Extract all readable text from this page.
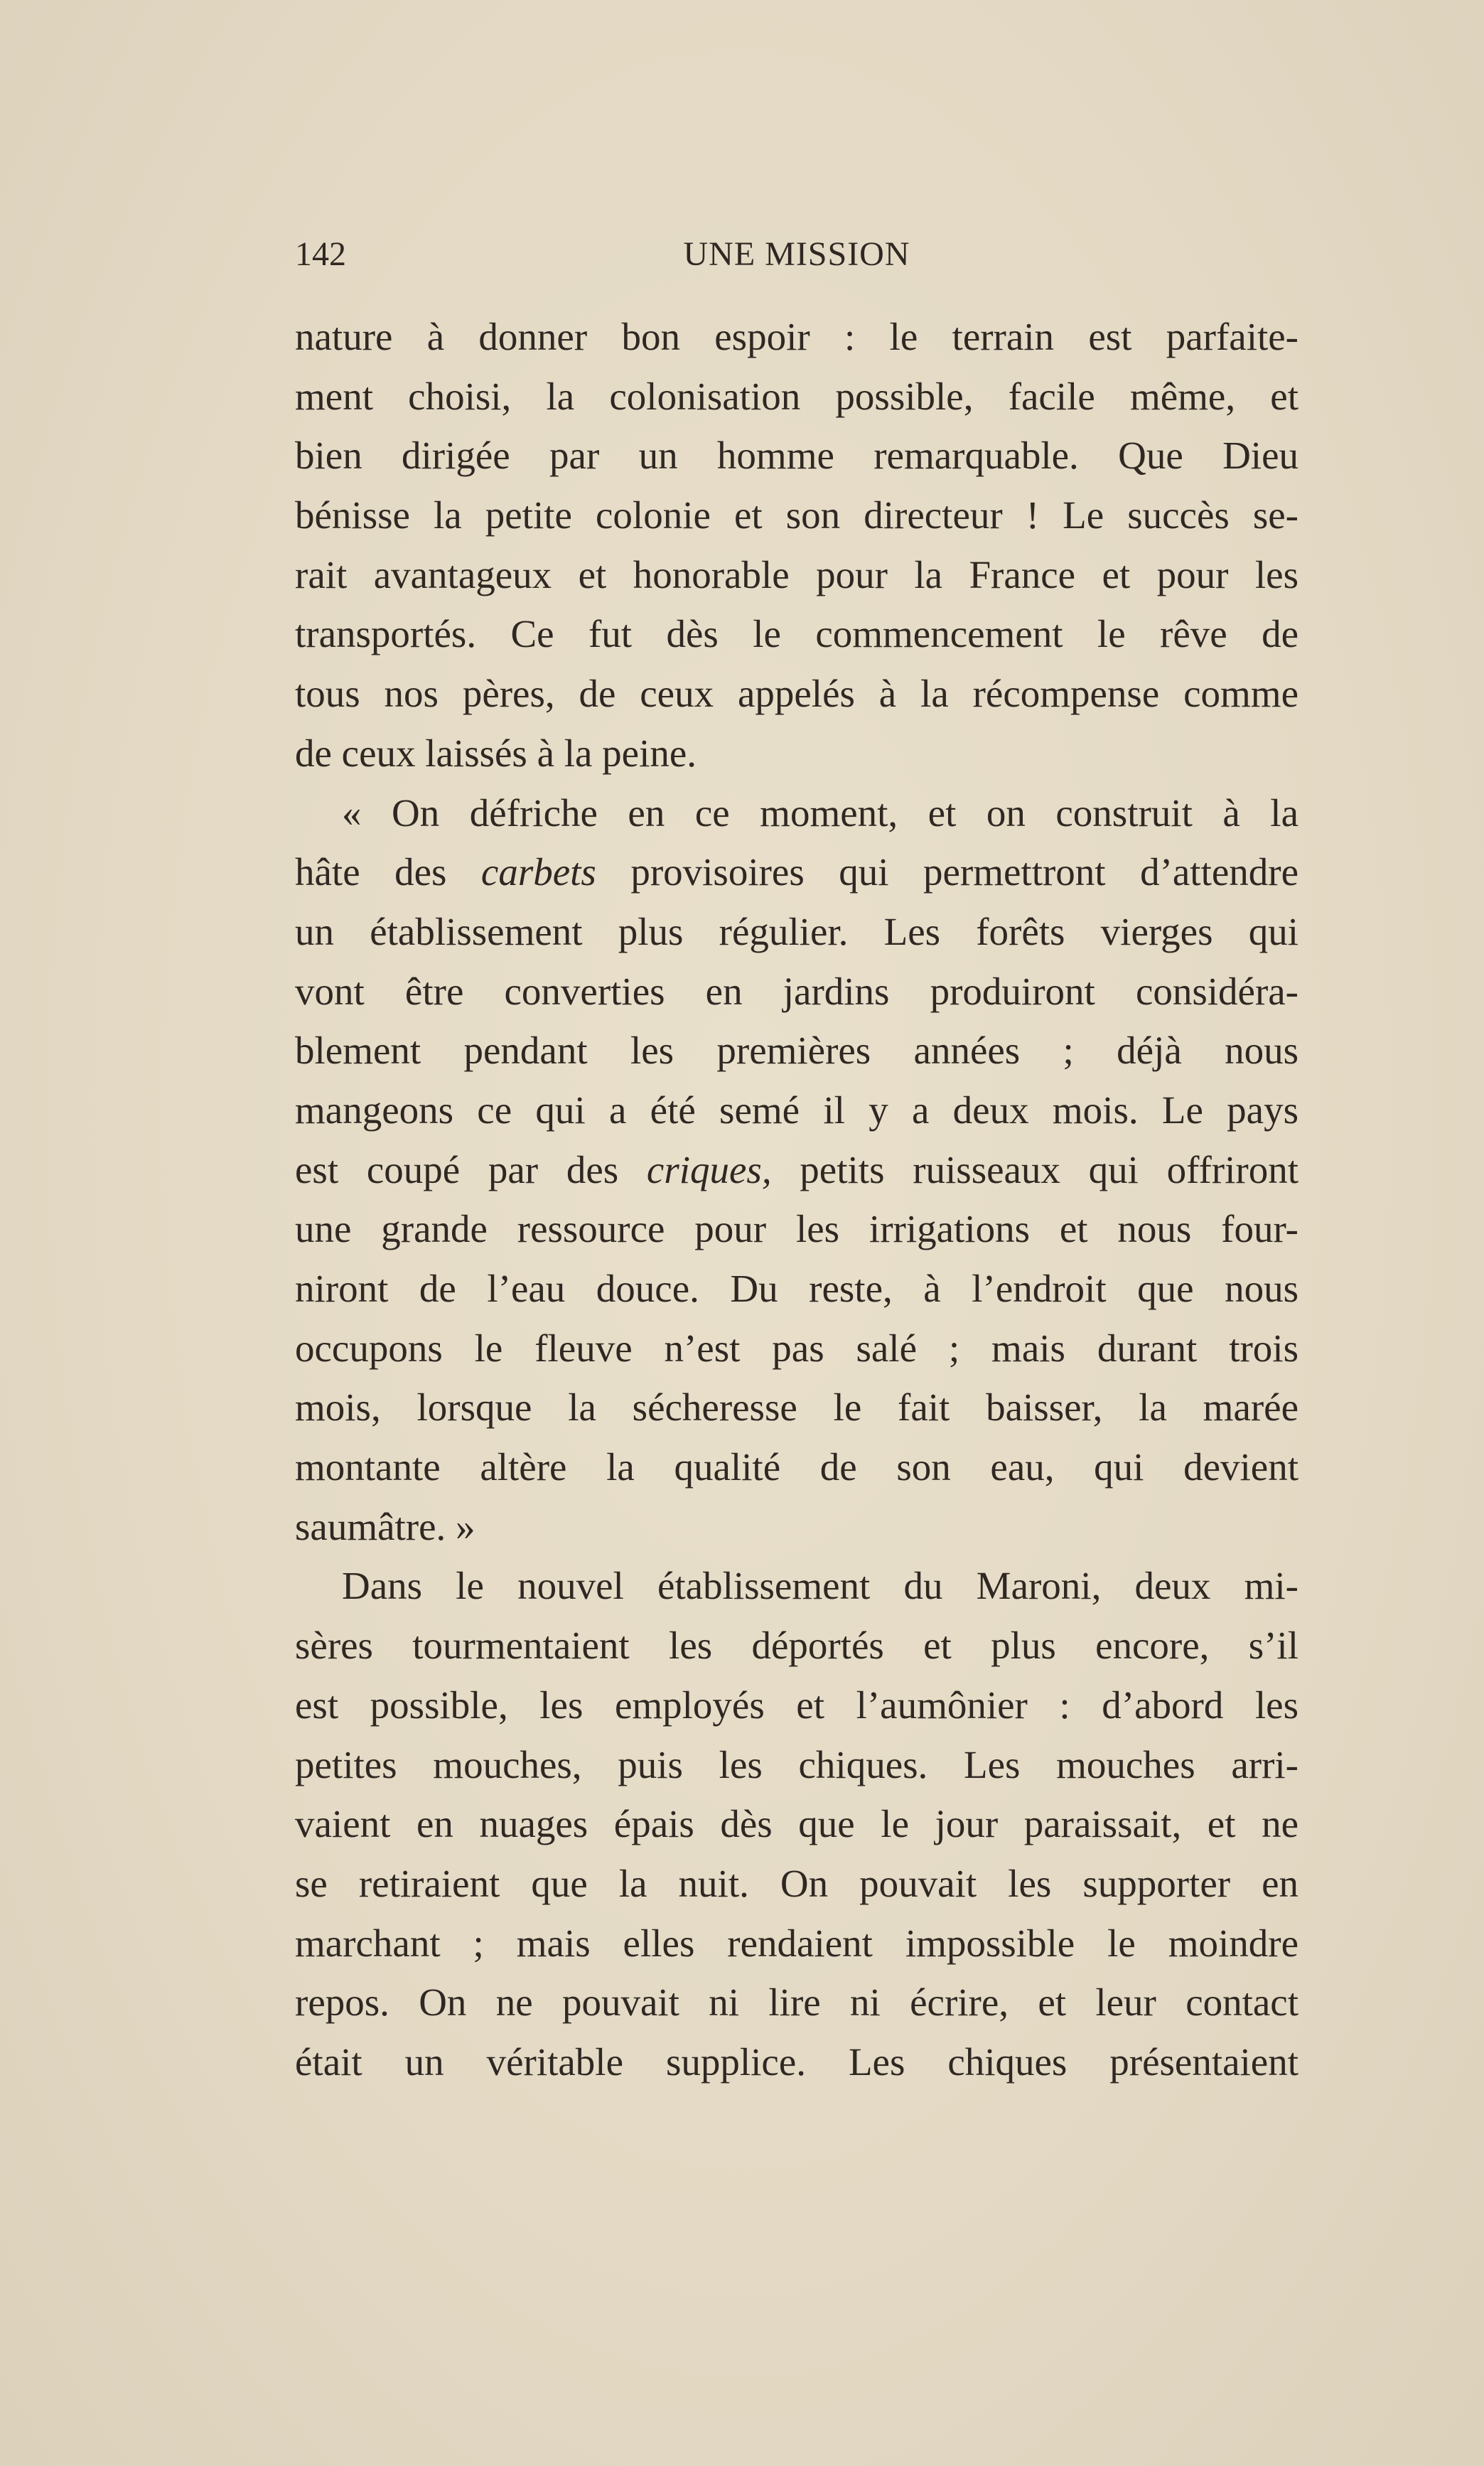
142	UNE MISSION
nature à donner bon espoir : le terrain est parfaite-
ment choisi, la colonisation possible, facile même, et
bien dirigée par un homme remarquable. Que Dieu
bénisse la petite colonie et son directeur ! Le succès se-
rait avantageux et honorable pour la France et pour les
transportés. Ce fut dès le commencement le rêve de
tous nos pères, de ceux appelés à la récompense comme
de ceux laissés à la peine.
« On défriche en ce moment, et on construit à la
hâte des carbets provisoires qui permettront d’attendre
un établissement plus régulier. Les forêts vierges qui
vont être converties en jardins produiront considéra-
blement pendant les premières années ; déjà nous
mangeons ce qui a été semé il y a deux mois. Le pays
est coupé par des criques, petits ruisseaux qui offriront
une grande ressource pour les irrigations et nous four-
niront de l’eau douce. Du reste, à l’endroit que nous
occupons le fleuve n’est pas salé ; mais durant trois
mois, lorsque la sécheresse le fait baisser, la marée
montante altère la qualité de son eau, qui devient
saumâtre. »
Dans le nouvel établissement du Maroni, deux mi-
sères tourmentaient les déportés et plus encore, s’il
est possible, les employés et l’aumônier : d’abord les
petites mouches, puis les chiques. Les mouches arri-
vaient en nuages épais dès que le jour paraissait, et ne
se retiraient que la nuit. On pouvait les supporter en
marchant ; mais elles rendaient impossible le moindre
repos. On ne pouvait ni lire ni écrire, et leur contact
était un véritable supplice. Les chiques présentaient
